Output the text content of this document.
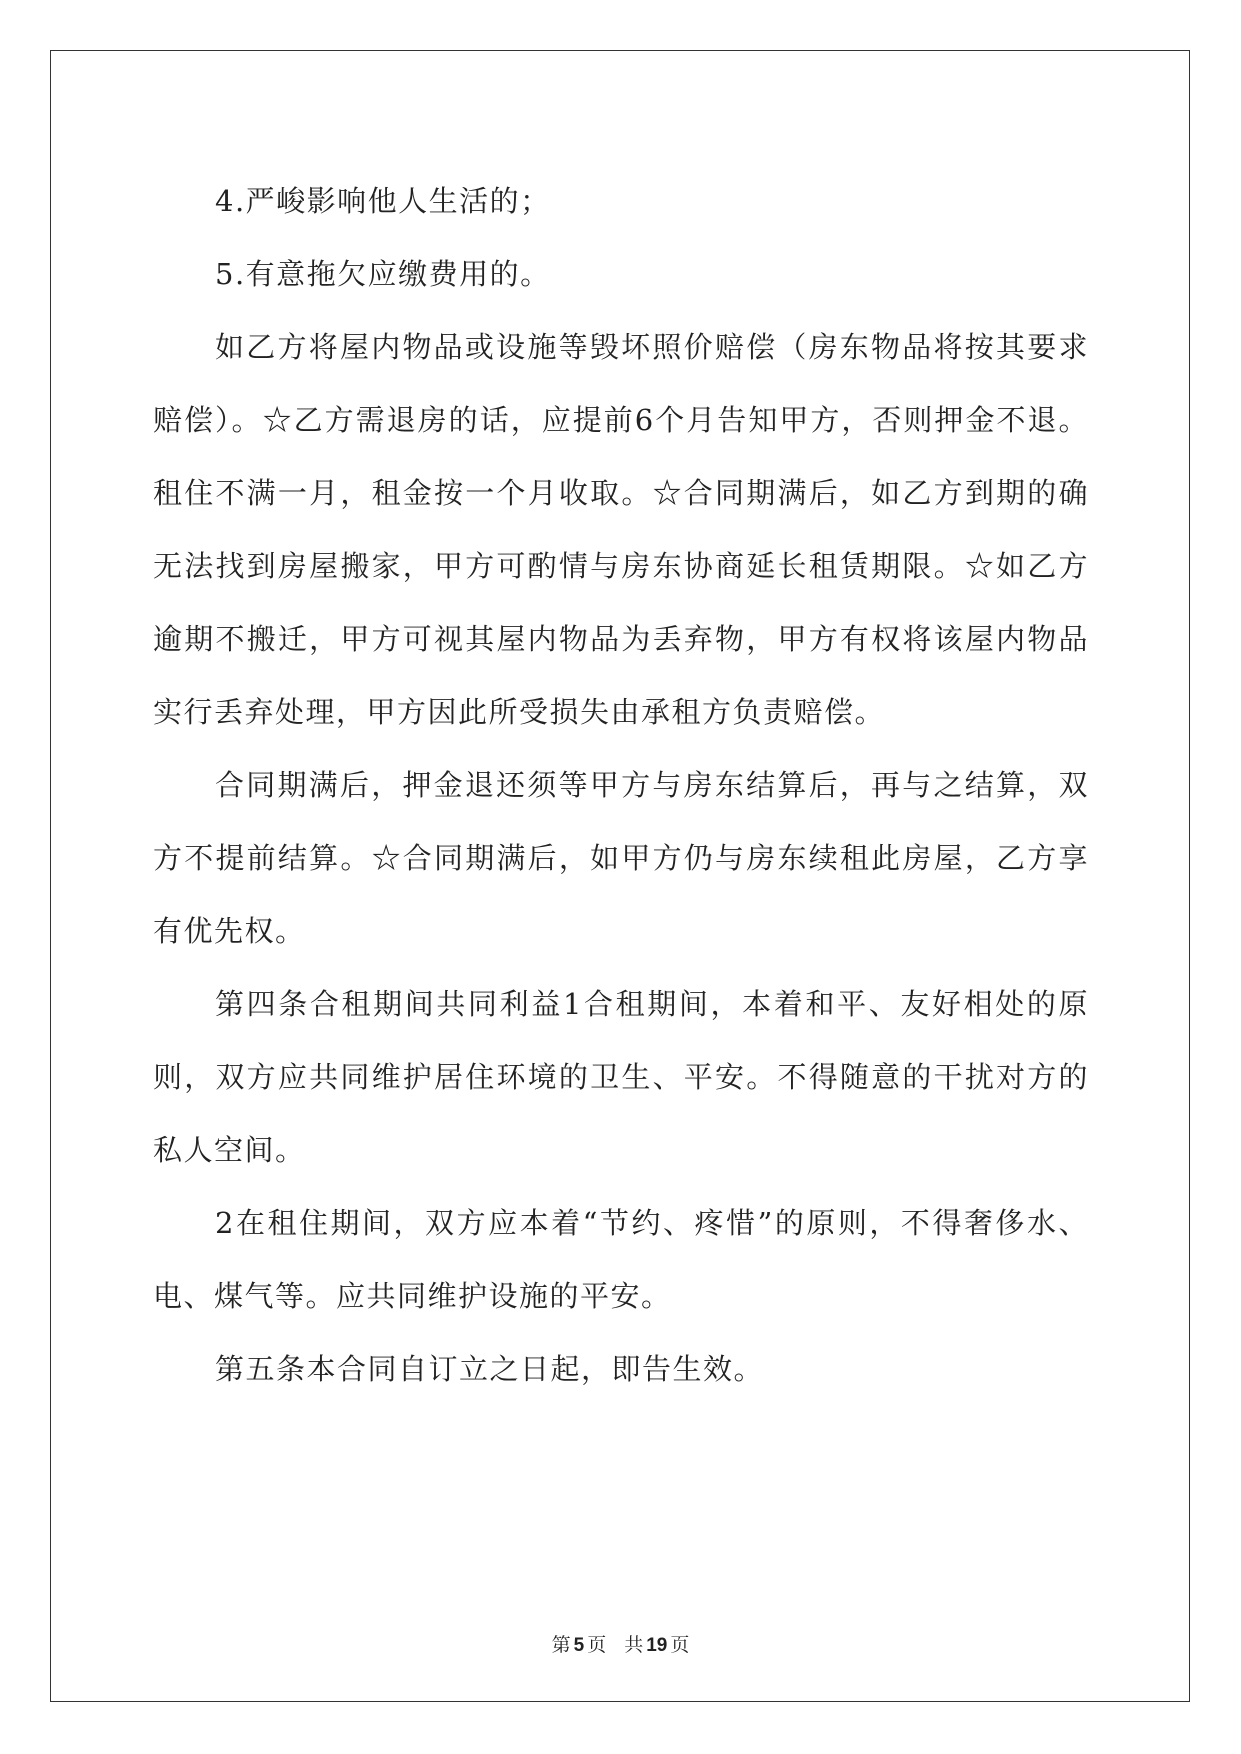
4.严峻影响他人生活的；

5.有意拖欠应缴费用的。

如乙方将屋内物品或设施等毁坏照价赔偿（房东物品将按其要求赔偿）。☆乙方需退房的话，应提前6个月告知甲方，否则押金不退。租住不满一月，租金按一个月收取。☆合同期满后，如乙方到期的确无法找到房屋搬家，甲方可酌情与房东协商延长租赁期限。☆如乙方逾期不搬迁，甲方可视其屋内物品为丢弃物，甲方有权将该屋内物品实行丢弃处理，甲方因此所受损失由承租方负责赔偿。

合同期满后，押金退还须等甲方与房东结算后，再与之结算，双方不提前结算。☆合同期满后，如甲方仍与房东续租此房屋，乙方享有优先权。

第四条合租期间共同利益1合租期间，本着和平、友好相处的原则，双方应共同维护居住环境的卫生、平安。不得随意的干扰对方的私人空间。

2在租住期间，双方应本着“节约、疼惜”的原则，不得奢侈水、电、煤气等。应共同维护设施的平安。

第五条本合同自订立之日起，即告生效。

第 5 页 共 19 页
